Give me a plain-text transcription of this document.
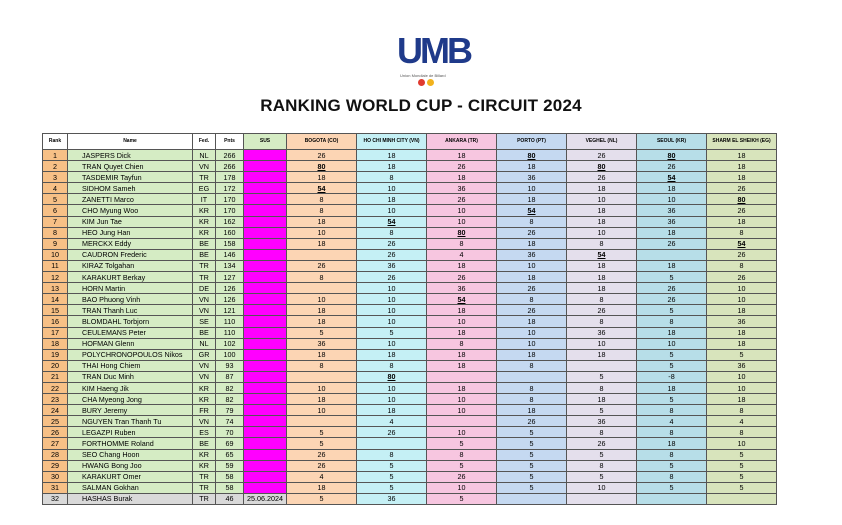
UMB
Union Mondiale de Billard
RANKING WORLD CUP - CIRCUIT 2024
Rank	Name	Fed.	Pnts	SUS	BOGOTA (CO)	HO CHI MINH CITY (VN)	ANKARA (TR)	PORTO (PT)	VEGHEL (NL)	SEOUL (KR)	SHARM EL SHEIKH (EG)
1	JASPERS Dick	NL	266		26	18	18	80	26	80	18
2	TRAN Quyet Chien	VN	266		80	18	26	18	80	26	18
3	TASDEMIR Tayfun	TR	178		18	8	18	36	26	54	18
4	SIDHOM Sameh	EG	172		54	10	36	10	18	18	26
5	ZANETTI Marco	IT	170		8	18	26	18	10	10	80
6	CHO Myung Woo	KR	170		8	10	10	54	18	36	26
7	KIM Jun Tae	KR	162		18	54	10	8	18	36	18
8	HEO Jung Han	KR	160		10	8	80	26	10	18	8
9	MERCKX Eddy	BE	158		18	26	8	18	8	26	54
10	CAUDRON Frederic	BE	146			26	4	36	54		26
11	KIRAZ Tolgahan	TR	134		26	36	18	10	18	18	8
12	KARAKURT Berkay	TR	127		8	26	26	18	18	5	26
13	HORN Martin	DE	126			10	36	26	18	26	10
14	BAO Phuong Vinh	VN	126		10	10	54	8	8	26	10
15	TRAN Thanh Luc	VN	121		18	10	18	26	26	5	18
16	BLOMDAHL Torbjorn	SE	110		18	10	10	18	8	8	36
17	CEULEMANS Peter	BE	110		5	5	18	10	36	18	18
18	HOFMAN Glenn	NL	102		36	10	8	10	10	10	18
19	POLYCHRONOPOULOS Nikos	GR	100		18	18	18	18	18	5	5
20	THAI Hong Chiem	VN	93		8	8	18	8		5	36
21	TRAN Duc Minh	VN	87			80			5	-8	10
22	KIM Haeng Jik	KR	82		10	10	18	8	8	18	10
23	CHA Myeong Jong	KR	82		18	10	10	8	18	5	18
24	BURY Jeremy	FR	79		10	18	10	18	5	8	8
25	NGUYEN Tran Thanh Tu	VN	74			4		26	36	4	4
26	LEGAZPI Ruben	ES	70		5	26	10	5	8	8	8
27	FORTHOMME Roland	BE	69		5		5	5	26	18	10
28	SEO Chang Hoon	KR	65		26	8	8	5	5	8	5
29	HWANG Bong Joo	KR	59		26	5	5	5	8	5	5
30	KARAKURT Omer	TR	58		4	5	26	5	5	8	5
31	SALMAN Gokhan	TR	58		18	5	10	5	10	5	5
32	HASHAS Burak	TR	46	25.06.2024	5	36	5				
